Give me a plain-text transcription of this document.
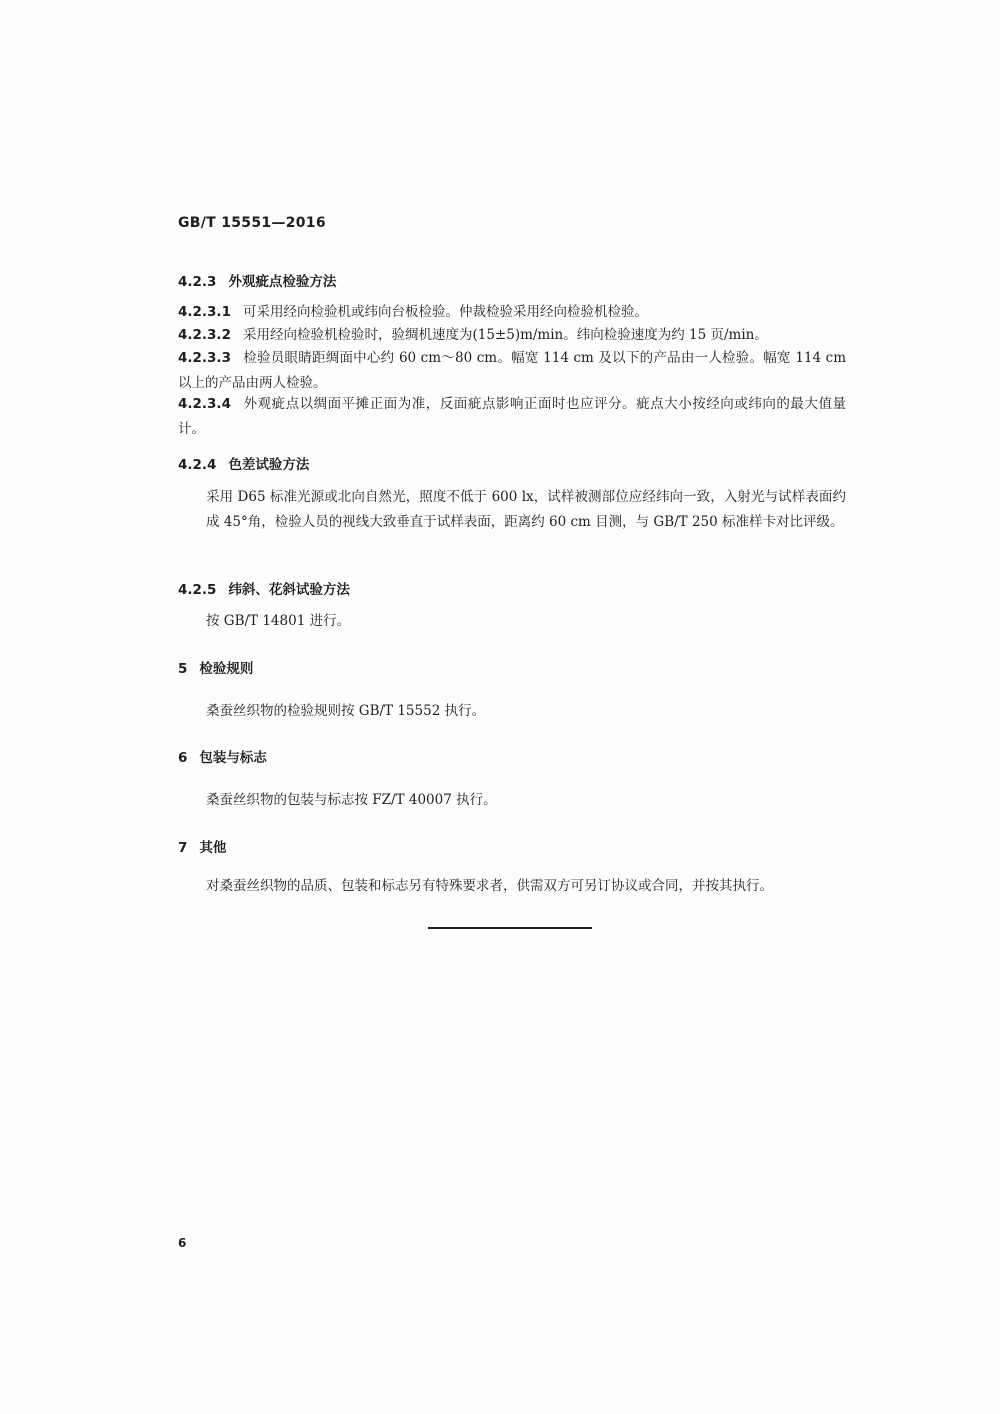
GB/T 15551—2016
4.2.3 外观疵点检验方法
4.2.3.1 可采用经向检验机或纬向台板检验。仲裁检验采用经向检验机检验。
4.2.3.2 采用经向检验机检验时，验绸机速度为(15±5)m/min。纬向检验速度为约 15 页/min。
4.2.3.3 检验员眼睛距绸面中心约 60 cm～80 cm。幅宽 114 cm 及以下的产品由一人检验。幅宽 114 cm 以上的产品由两人检验。
4.2.3.4 外观疵点以绸面平摊正面为准，反面疵点影响正面时也应评分。疵点大小按经向或纬向的最大值量计。
4.2.4 色差试验方法
采用 D65 标准光源或北向自然光，照度不低于 600 lx，试样被测部位应经纬向一致，入射光与试样表面约成 45°角，检验人员的视线大致垂直于试样表面，距离约 60 cm 目测，与 GB/T 250 标准样卡对比评级。
4.2.5 纬斜、花斜试验方法
按 GB/T 14801 进行。
5 检验规则
桑蚕丝织物的检验规则按 GB/T 15552 执行。
6 包装与标志
桑蚕丝织物的包装与标志按 FZ/T 40007 执行。
7 其他
对桑蚕丝织物的品质、包装和标志另有特殊要求者，供需双方可另订协议或合同，并按其执行。
6
